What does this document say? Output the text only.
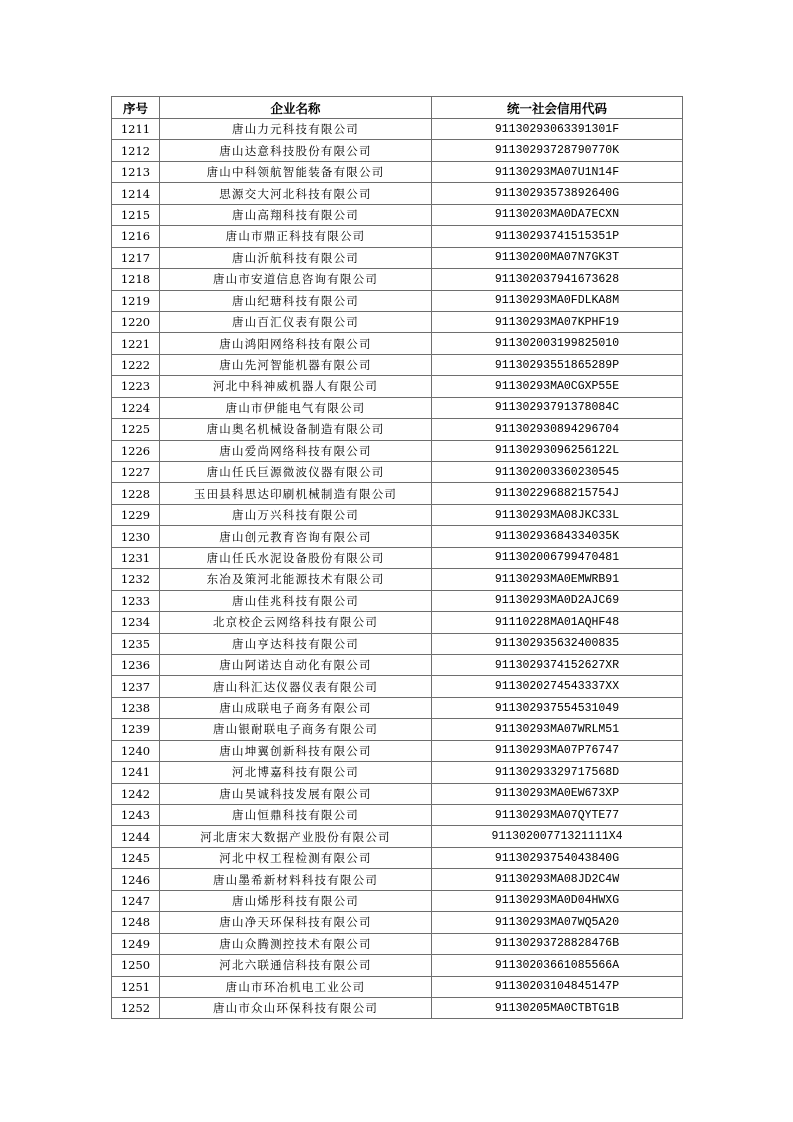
序号	企业名称	统一社会信用代码
1211	唐山力元科技有限公司	91130293063391301F
1212	唐山达意科技股份有限公司	91130293728790770K
1213	唐山中科领航智能装备有限公司	91130293MA07U1N14F
1214	思源交大河北科技有限公司	91130293573892640G
1215	唐山高翔科技有限公司	91130203MA0DA7ECXN
1216	唐山市鼎正科技有限公司	91130293741515351P
1217	唐山沂航科技有限公司	91130200MA07N7GK3T
1218	唐山市安道信息咨询有限公司	911302037941673628
1219	唐山纪瑭科技有限公司	91130293MA0FDLKA8M
1220	唐山百汇仪表有限公司	91130293MA07KPHF19
1221	唐山鸿阳网络科技有限公司	911302003199825010
1222	唐山先河智能机器有限公司	91130293551865289P
1223	河北中科神威机器人有限公司	91130293MA0CGXP55E
1224	唐山市伊能电气有限公司	91130293791378084C
1225	唐山奥名机械设备制造有限公司	911302930894296704
1226	唐山爱尚网络科技有限公司	91130293096256122L
1227	唐山任氏巨源微波仪器有限公司	911302003360230545
1228	玉田县科思达印刷机械制造有限公司	91130229688215754J
1229	唐山万兴科技有限公司	91130293MA08JKC33L
1230	唐山创元教育咨询有限公司	91130293684334035K
1231	唐山任氏水泥设备股份有限公司	911302006799470481
1232	东冶及策河北能源技术有限公司	91130293MA0EMWRB91
1233	唐山佳兆科技有限公司	91130293MA0D2AJC69
1234	北京校企云网络科技有限公司	91110228MA01AQHF48
1235	唐山亨达科技有限公司	911302935632400835
1236	唐山阿诺达自动化有限公司	9113029374152627XR
1237	唐山科汇达仪器仪表有限公司	9113020274543337XX
1238	唐山成联电子商务有限公司	911302937554531049
1239	唐山银耐联电子商务有限公司	91130293MA07WRLM51
1240	唐山坤翼创新科技有限公司	91130293MA07P76747
1241	河北博嘉科技有限公司	91130293329717568D
1242	唐山昊诚科技发展有限公司	91130293MA0EW673XP
1243	唐山恒鼎科技有限公司	91130293MA07QYTE77
1244	河北唐宋大数据产业股份有限公司	91130200771321111X4
1245	河北中权工程检测有限公司	91130293754043840G
1246	唐山墨希新材料科技有限公司	91130293MA08JD2C4W
1247	唐山烯彤科技有限公司	91130293MA0D04HWXG
1248	唐山净天环保科技有限公司	91130293MA07WQ5A20
1249	唐山众腾测控技术有限公司	91130293728828476B
1250	河北六联通信科技有限公司	91130203661085566A
1251	唐山市环冶机电工业公司	91130203104845147P
1252	唐山市众山环保科技有限公司	91130205MA0CTBTG1B
